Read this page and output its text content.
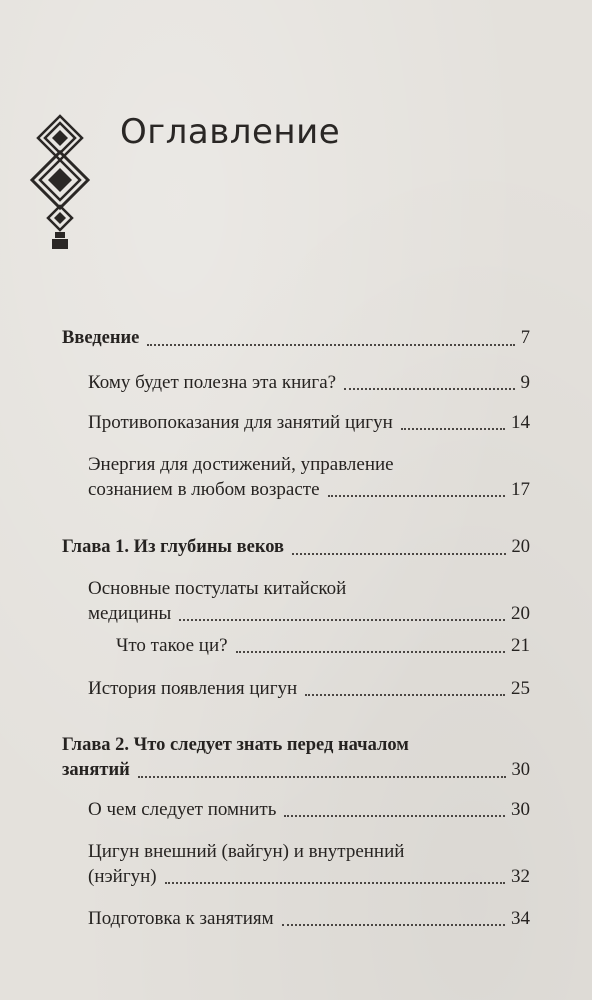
Оглавление
Введение	7
Кому будет полезна эта книга?	9
Противопоказания для занятий цигун	14
Энергия для достижений, управление
сознанием в любом возрасте	17
Глава 1. Из глубины веков	20
Основные постулаты китайской
медицины	20
Что такое ци?	21
История появления цигун	25
Глава 2. Что следует знать перед началом
занятий	30
О чем следует помнить	30
Цигун внешний (вайгун) и внутренний
(нэйгун)	32
Подготовка к занятиям	34
